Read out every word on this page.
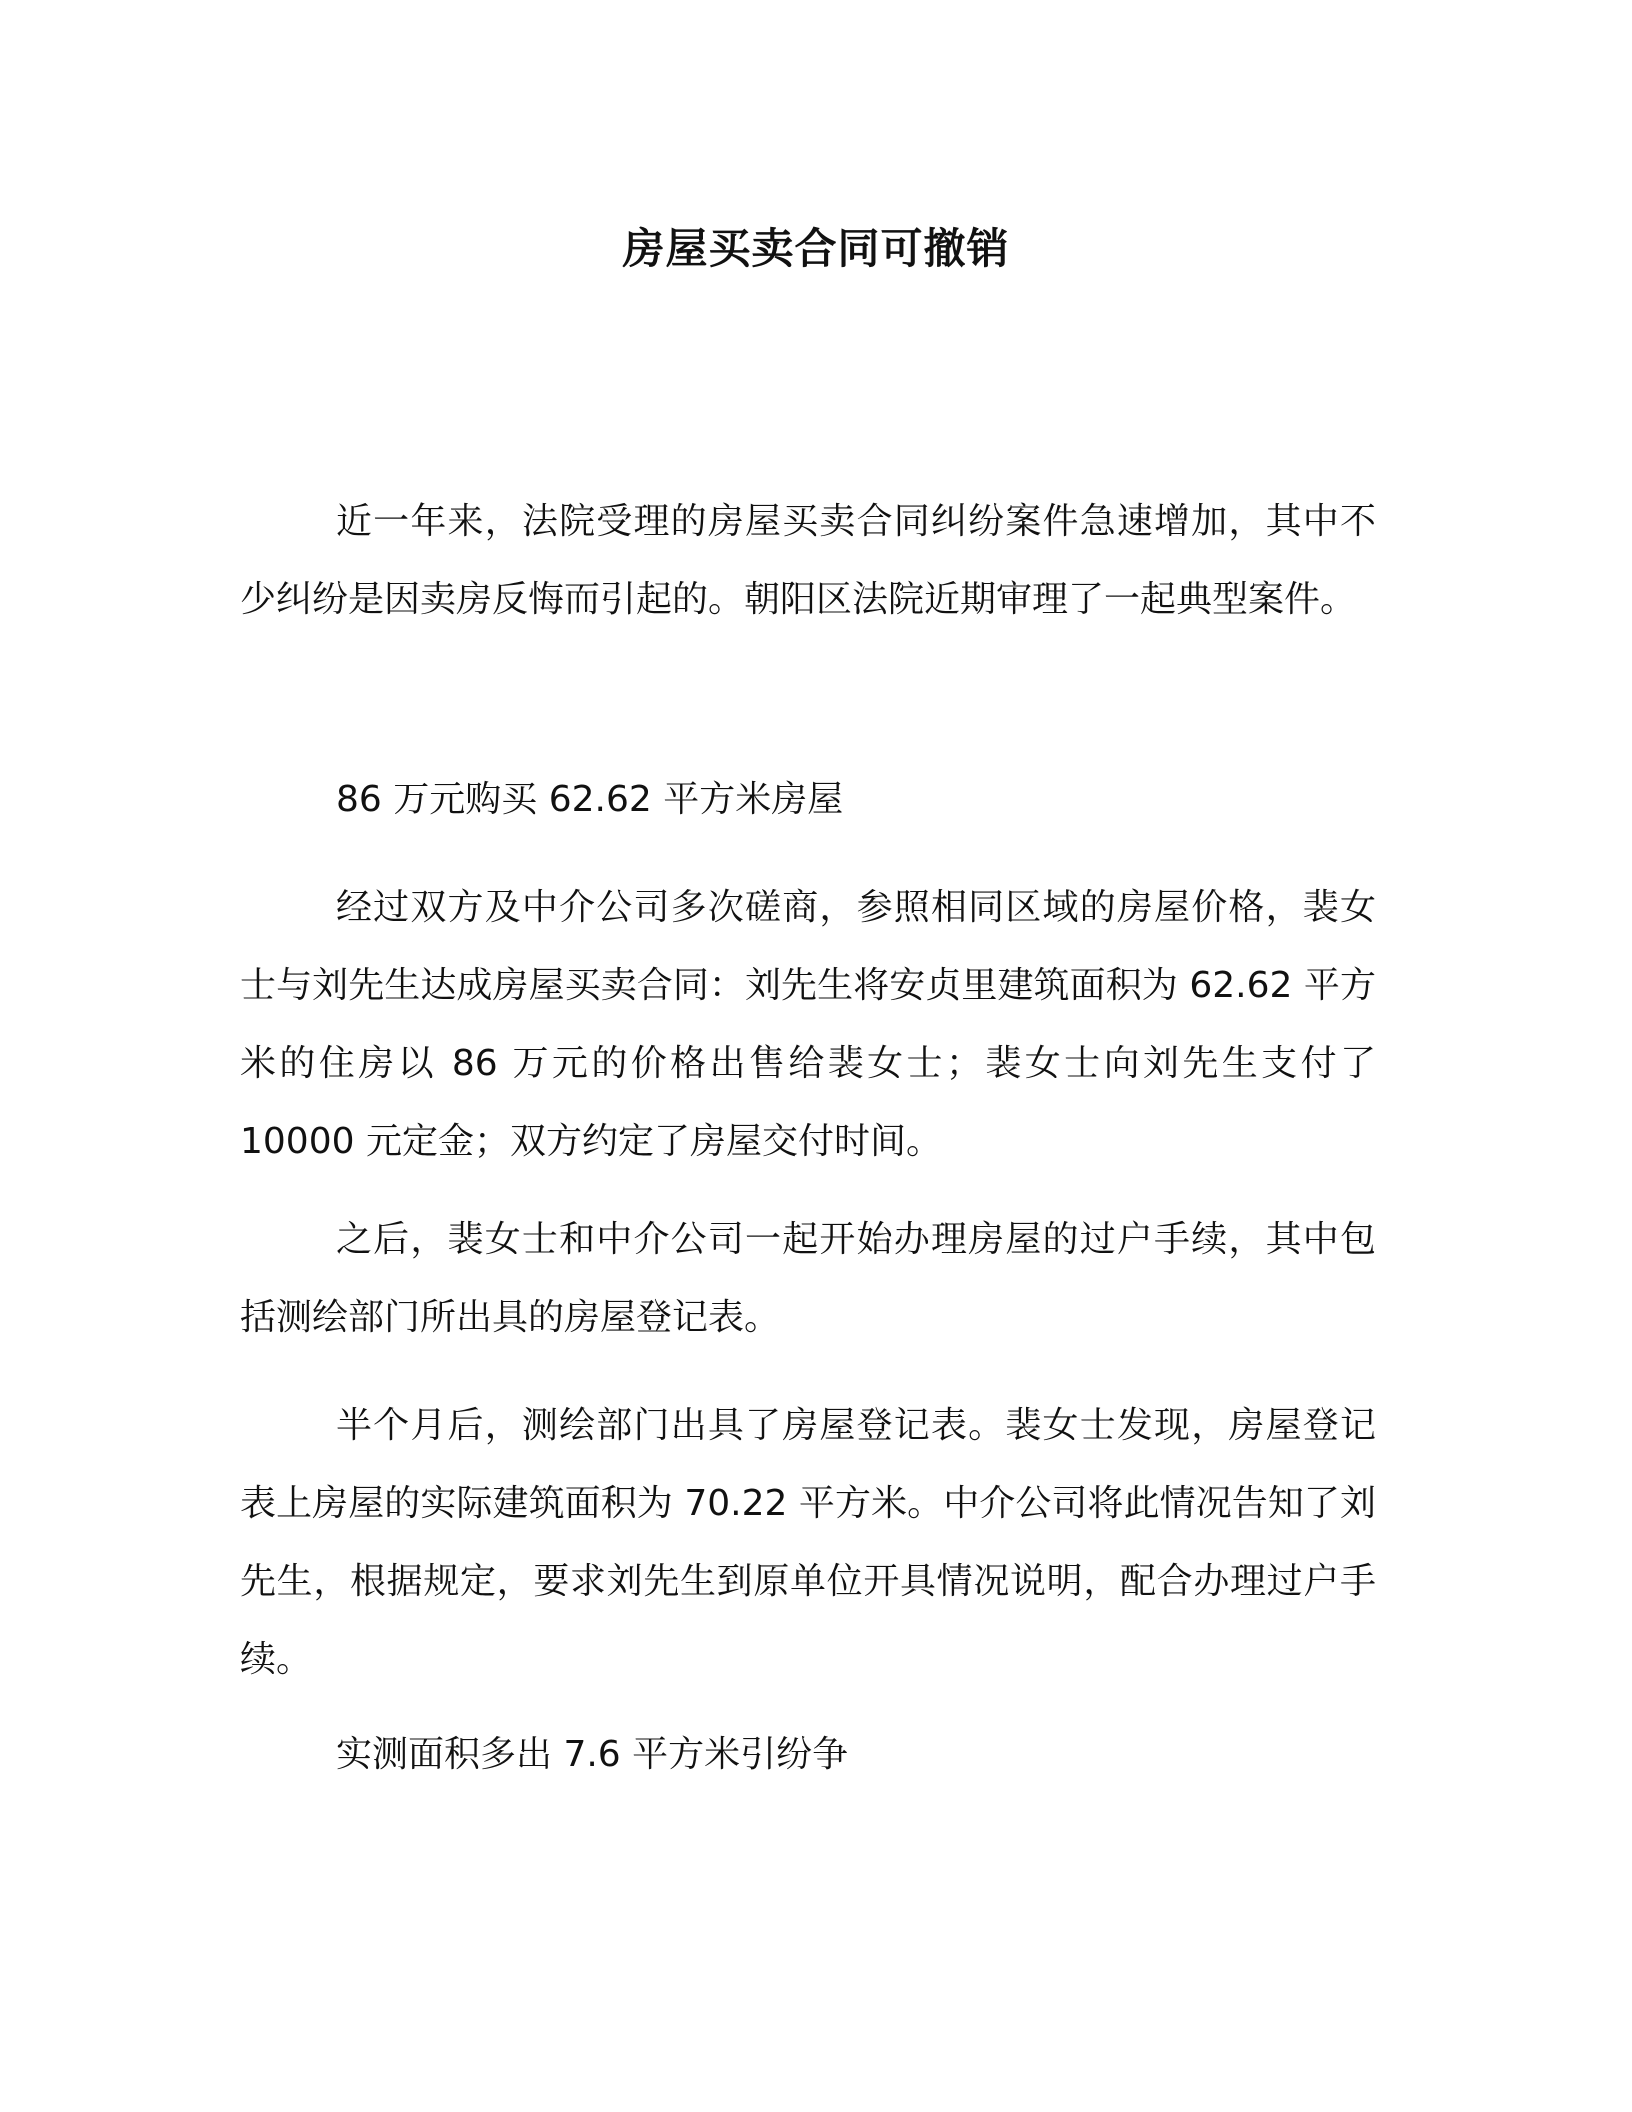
房屋买卖合同可撤销

近一年来，法院受理的房屋买卖合同纠纷案件急速增加，其中不少纠纷是因卖房反悔而引起的。朝阳区法院近期审理了一起典型案件。

86 万元购买 62.62 平方米房屋

经过双方及中介公司多次磋商，参照相同区域的房屋价格，裴女士与刘先生达成房屋买卖合同：刘先生将安贞里建筑面积为 62.62 平方米的住房以 86 万元的价格出售给裴女士；裴女士向刘先生支付了 10000 元定金；双方约定了房屋交付时间。

之后，裴女士和中介公司一起开始办理房屋的过户手续，其中包括测绘部门所出具的房屋登记表。

半个月后，测绘部门出具了房屋登记表。裴女士发现，房屋登记表上房屋的实际建筑面积为 70.22 平方米。中介公司将此情况告知了刘先生，根据规定，要求刘先生到原单位开具情况说明，配合办理过户手续。

实测面积多出 7.6 平方米引纷争
